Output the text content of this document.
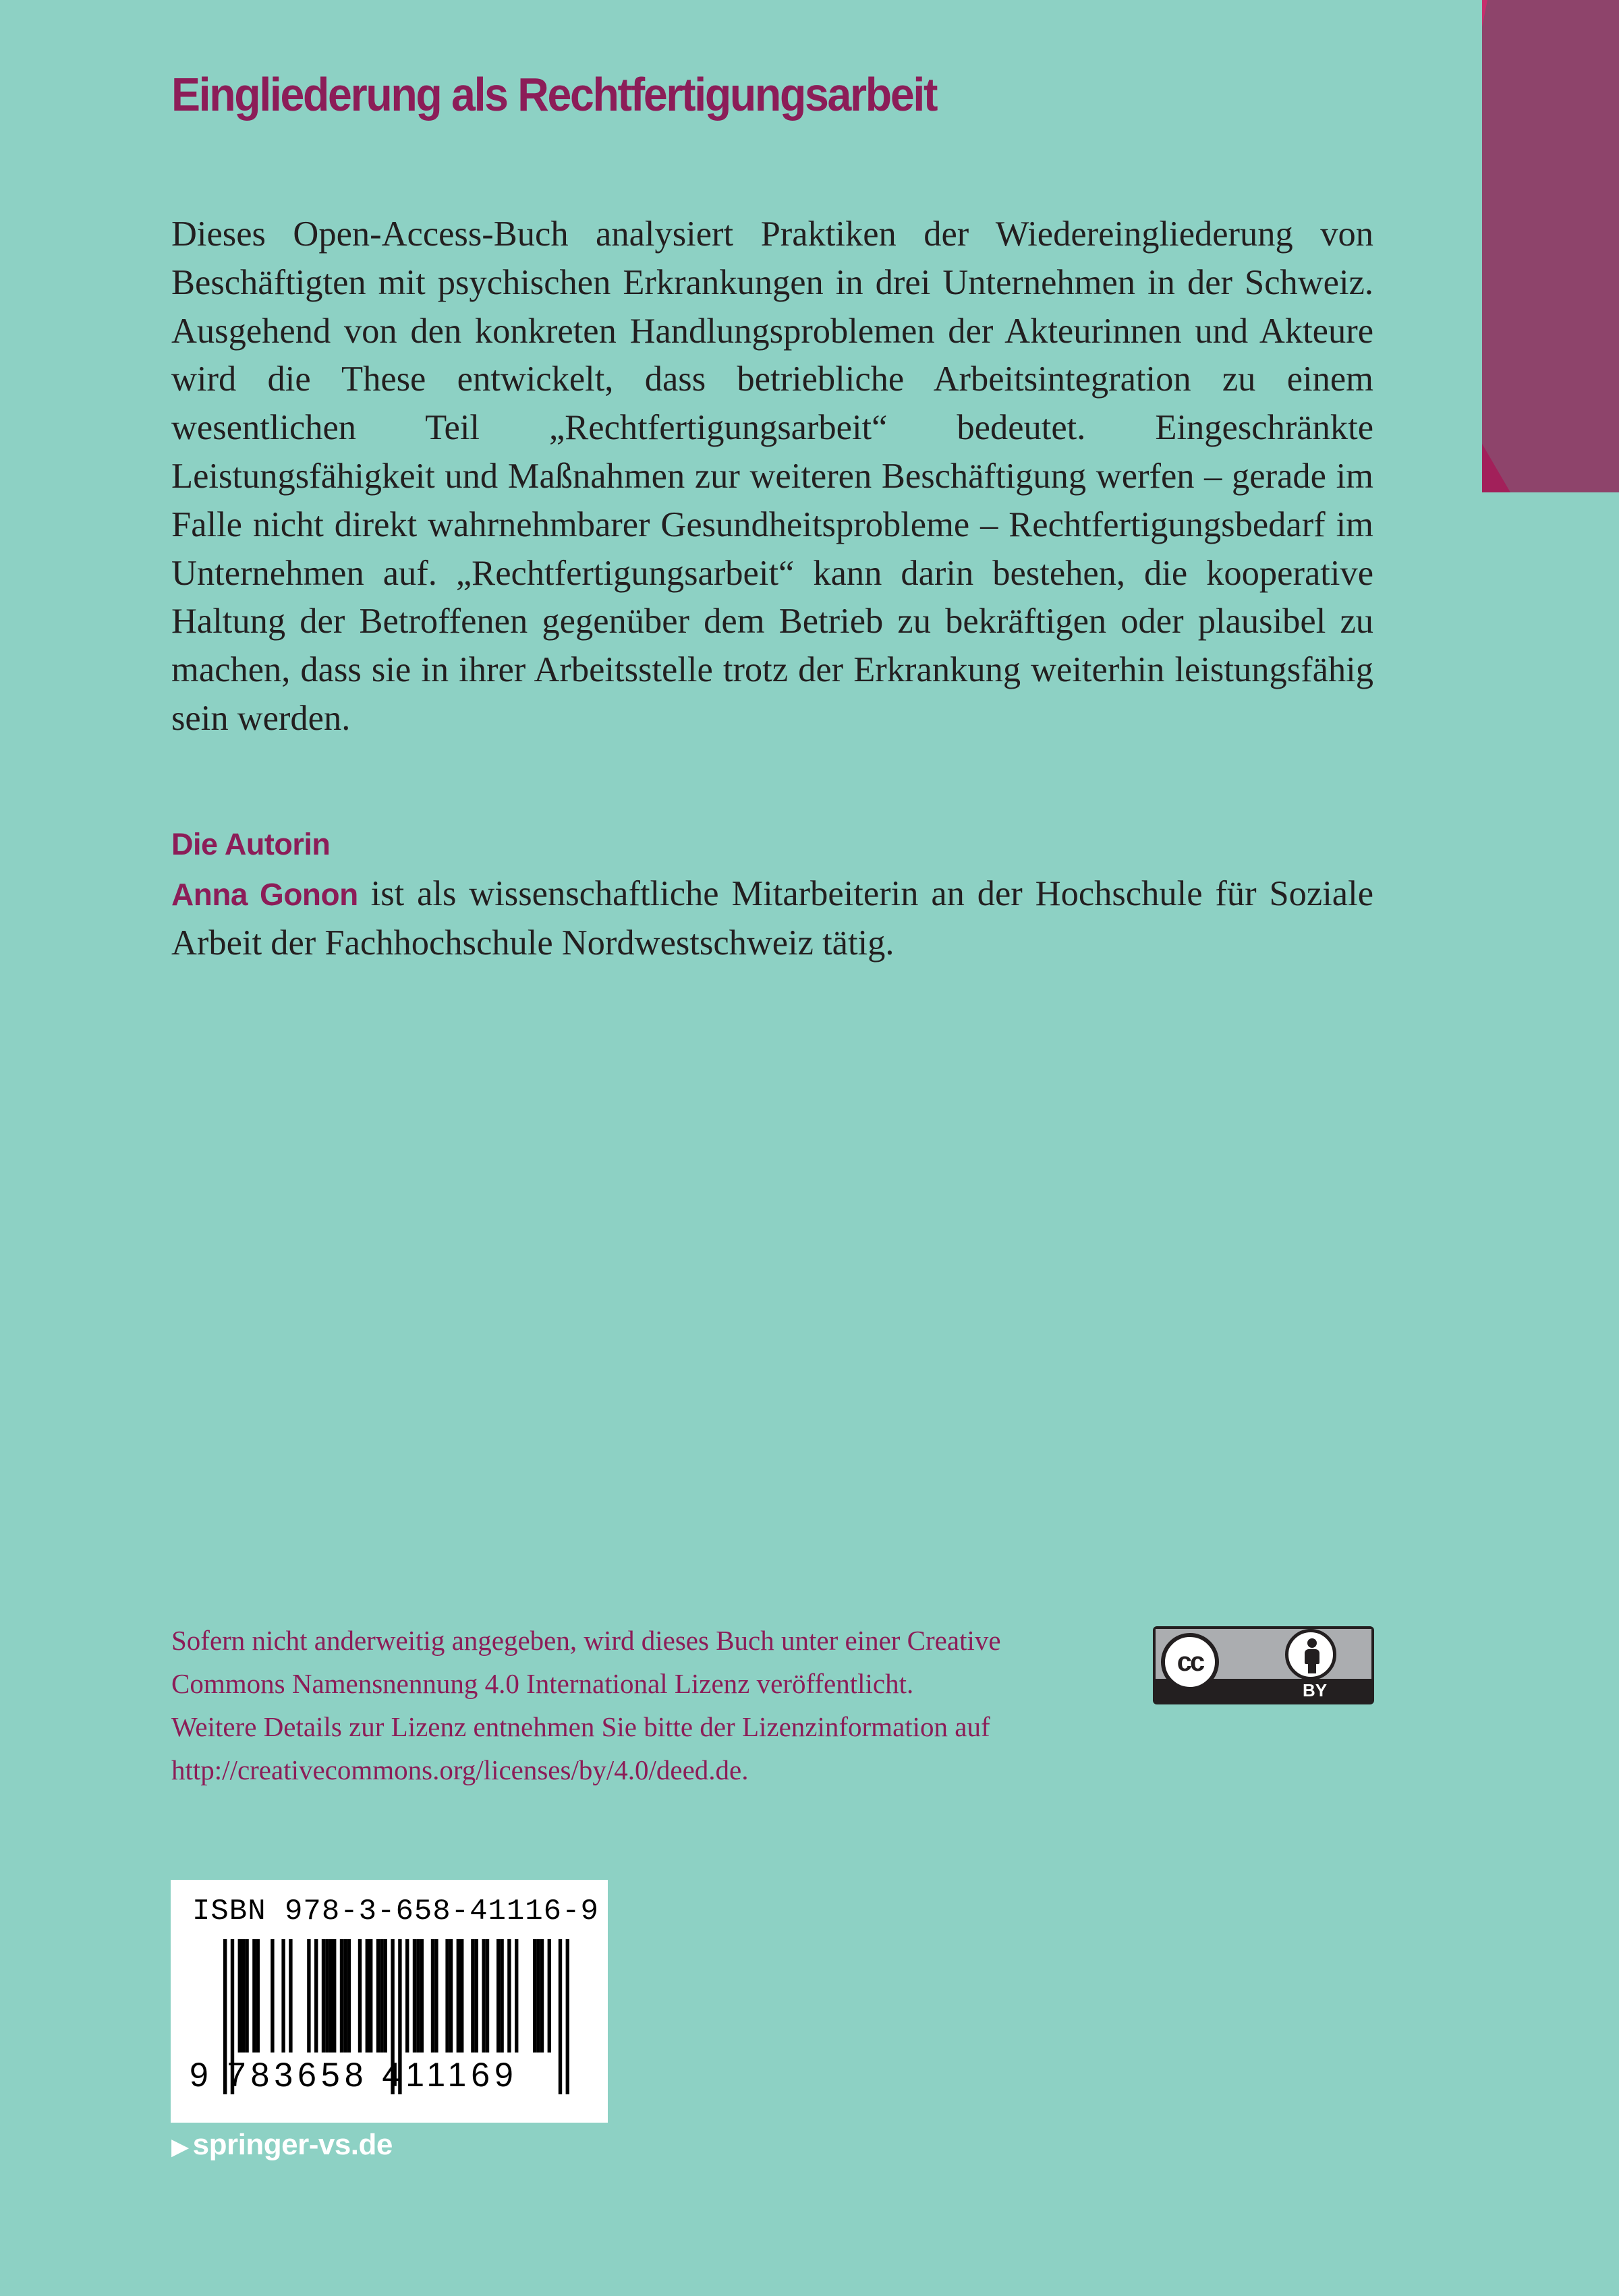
Eingliederung als Rechtfertigungsarbeit

Dieses Open-Access-Buch analysiert Praktiken der Wiedereingliederung von Beschäftigten mit psychischen Erkrankungen in drei Unternehmen in der Schweiz. Ausgehend von den konkreten Handlungsproblemen der Akteurinnen und Akteure wird die These entwickelt, dass betriebliche Arbeitsintegration zu einem wesentlichen Teil „Rechtfertigungsarbeit“ bedeutet. Eingeschränkte Leistungsfähigkeit und Maßnahmen zur weiteren Beschäftigung werfen – gerade im Falle nicht direkt wahrnehmbarer Gesundheitsprobleme – Rechtfertigungsbedarf im Unternehmen auf. „Rechtfertigungsarbeit“ kann darin bestehen, die kooperative Haltung der Betroffenen gegenüber dem Betrieb zu bekräftigen oder plausibel zu machen, dass sie in ihrer Arbeitsstelle trotz der Erkrankung weiterhin leistungsfähig sein werden.

Die Autorin

Anna Gonon ist als wissenschaftliche Mitarbeiterin an der Hochschule für Soziale Arbeit der Fachhochschule Nordwestschweiz tätig.

Sofern nicht anderweitig angegeben, wird dieses Buch unter einer Creative
Commons Namensnennung 4.0 International Lizenz veröffentlicht.
Weitere Details zur Lizenz entnehmen Sie bitte der Lizenzinformation auf
http://creativecommons.org/licenses/by/4.0/deed.de.
cc
BY
ISBN 978-3-658-41116-9
9 783658 411169
▶ springer-vs.de
